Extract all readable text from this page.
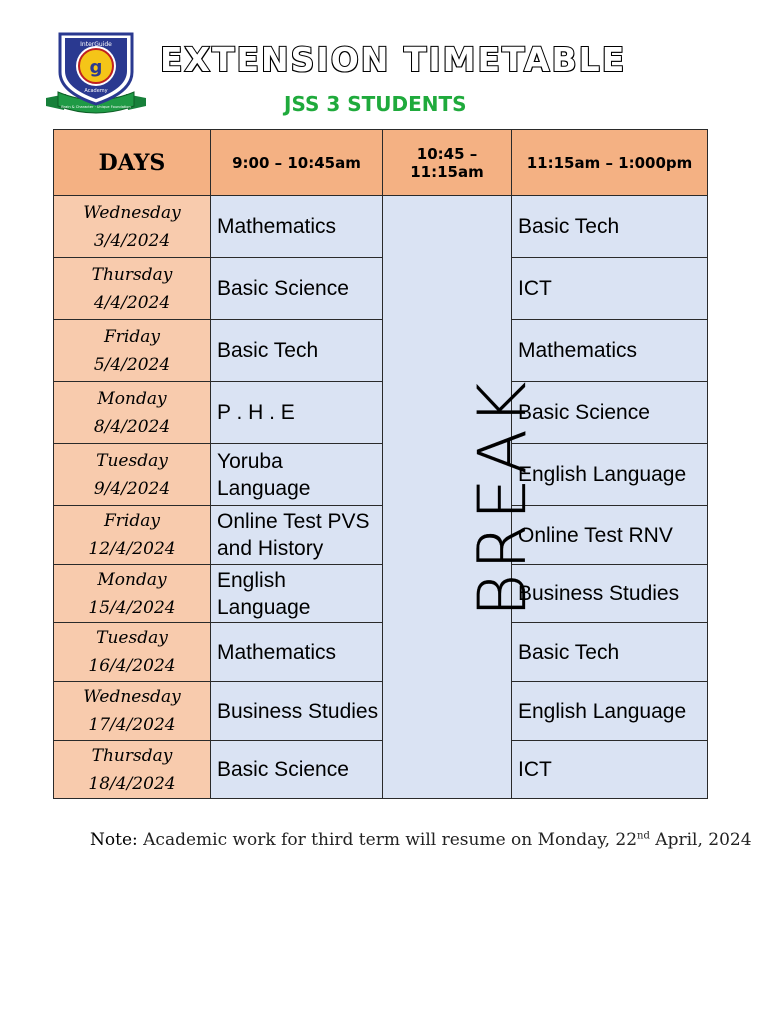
g
InterGuide
Academy
Brain & Character · Unique Foundation
EXTENSION TIMETABLE
JSS 3 STUDENTS
DAYS	9:00 – 10:45am	10:45 – 11:15am	11:15am – 1:000pm

Wednesday
3/4/2024	Mathematics	BREAK	Basic Tech

Thursday
4/4/2024	Basic Science		ICT

Friday
5/4/2024	Basic Tech		Mathematics

Monday
8/4/2024	P . H . E		Basic Science

Tuesday
9/4/2024	Yoruba Language		English Language

Friday
12/4/2024	Online Test PVS and History		Online Test RNV

Monday
15/4/2024	English Language		Business Studies

Tuesday
16/4/2024	Mathematics		Basic Tech

Wednesday
17/4/2024	Business Studies		English Language

Thursday
18/4/2024	Basic Science		ICT
Note: Academic work for third term will resume on Monday, 22nd April, 2024
